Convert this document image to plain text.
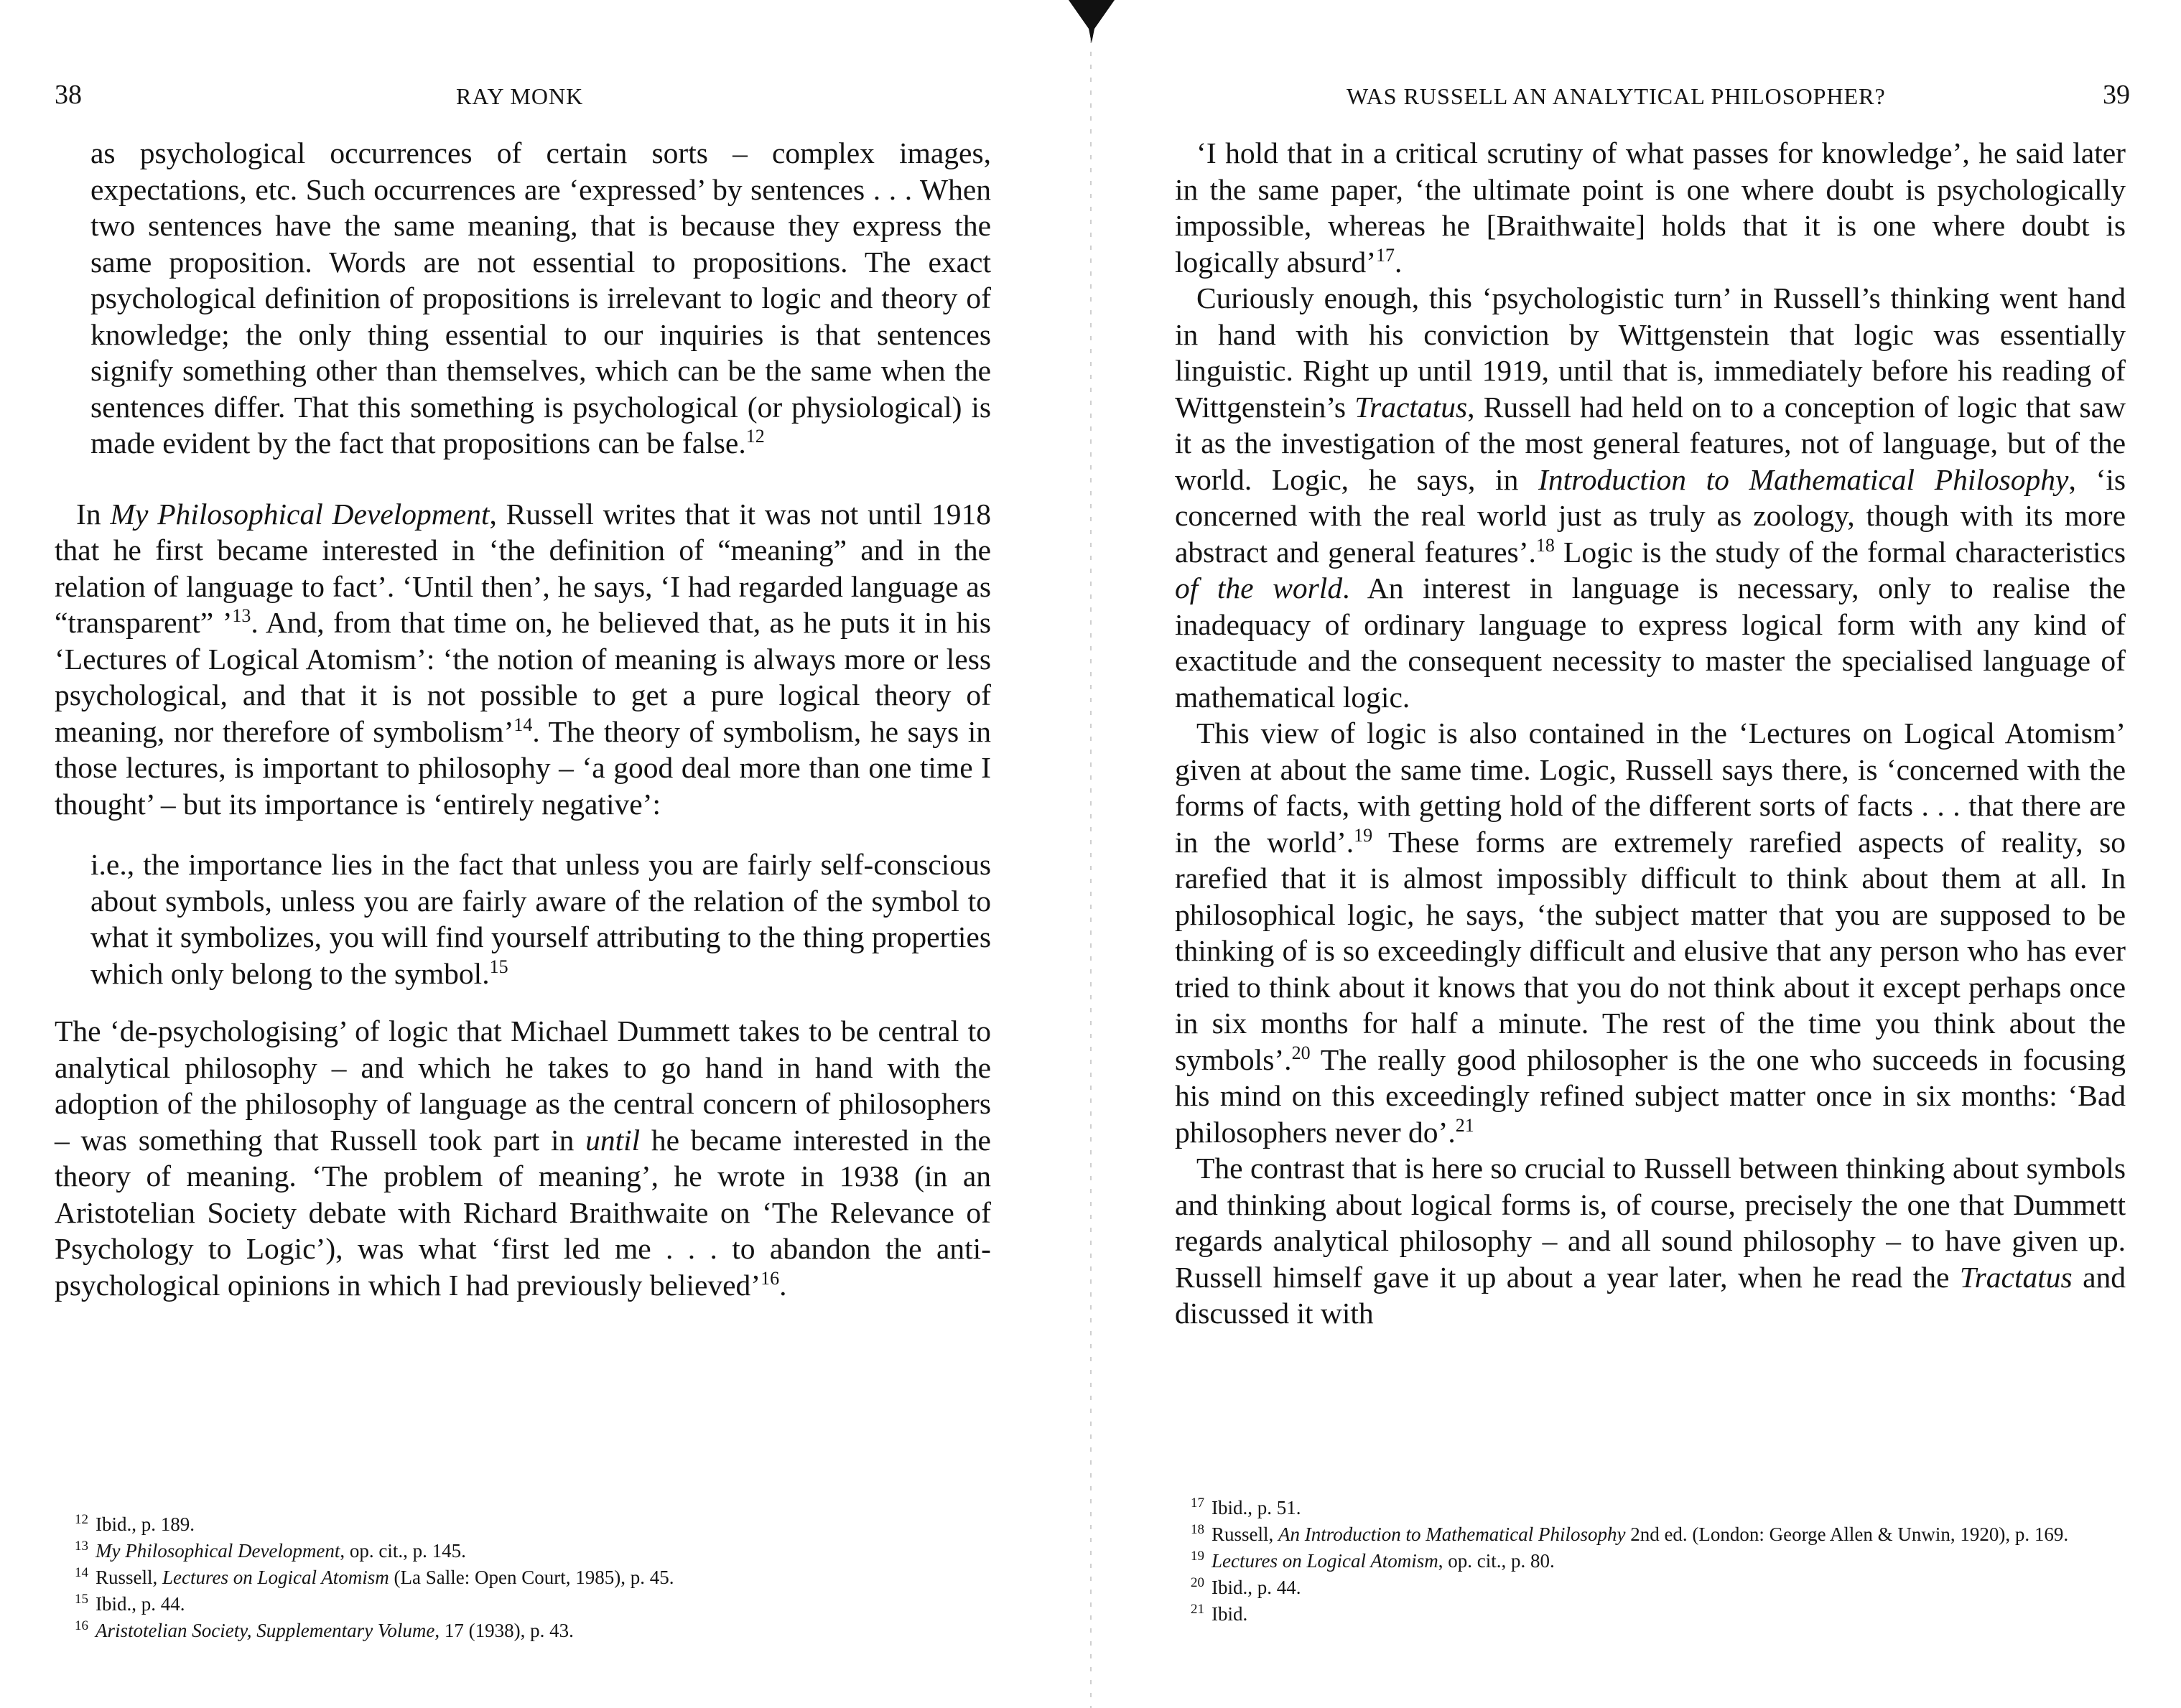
38	RAY MONK

as psychological occurrences of certain sorts – complex images, expectations, etc. Such occurrences are ‘expressed’ by sentences . . . When two sentences have the same meaning, that is because they express the same proposition. Words are not essential to propositions. The exact psychological definition of propositions is irrelevant to logic and theory of knowledge; the only thing essential to our inquiries is that sentences signify something other than themselves, which can be the same when the sentences differ. That this something is psychological (or physiological) is made evident by the fact that propositions can be false.$^{12}$

In My Philosophical Development, Russell writes that it was not until 1918 that he first became interested in ‘the definition of “meaning” and in the relation of language to fact’. ‘Until then’, he says, ‘I had regarded language as “transparent” ’$^{13}$. And, from that time on, he believed that, as he puts it in his ‘Lectures of Logical Atomism’: ‘the notion of meaning is always more or less psychological, and that it is not possible to get a pure logical theory of meaning, nor therefore of symbolism’$^{14}$. The theory of symbolism, he says in those lectures, is important to philosophy – ‘a good deal more than one time I thought’ – but its importance is ‘entirely negative’:

i.e., the importance lies in the fact that unless you are fairly self-conscious about symbols, unless you are fairly aware of the relation of the symbol to what it symbolizes, you will find yourself attributing to the thing properties which only belong to the symbol.$^{15}$

The ‘de-psychologising’ of logic that Michael Dummett takes to be central to analytical philosophy – and which he takes to go hand in hand with the adoption of the philosophy of language as the central concern of philosophers – was something that Russell took part in until he became interested in the theory of meaning. ‘The problem of meaning’, he wrote in 1938 (in an Aristotelian Society debate with Richard Braithwaite on ‘The Relevance of Psychology to Logic’), was what ‘first led me . . . to abandon the anti-psychological opinions in which I had previously believed’$^{16}$.

$^{12}$ Ibid., p. 189.

$^{13}$ My Philosophical Development, op. cit., p. 145.

$^{14}$ Russell, Lectures on Logical Atomism (La Salle: Open Court, 1985), p. 45.

$^{15}$ Ibid., p. 44.

$^{16}$ Aristotelian Society, Supplementary Volume, 17 (1938), p. 43.

WAS RUSSELL AN ANALYTICAL PHILOSOPHER?	39

‘I hold that in a critical scrutiny of what passes for knowledge’, he said later in the same paper, ‘the ultimate point is one where doubt is psychologically impossible, whereas he [Braithwaite] holds that it is one where doubt is logically absurd’$^{17}$.

Curiously enough, this ‘psychologistic turn’ in Russell’s thinking went hand in hand with his conviction by Wittgenstein that logic was essentially linguistic. Right up until 1919, until that is, immediately before his reading of Wittgenstein’s Tractatus, Russell had held on to a conception of logic that saw it as the investigation of the most general features, not of language, but of the world. Logic, he says, in Introduction to Mathematical Philosophy, ‘is concerned with the real world just as truly as zoology, though with its more abstract and general features’.$^{18}$ Logic is the study of the formal characteristics of the world. An interest in language is necessary, only to realise the inadequacy of ordinary language to express logical form with any kind of exactitude and the consequent necessity to master the specialised language of mathematical logic.

This view of logic is also contained in the ‘Lectures on Logical Atomism’ given at about the same time. Logic, Russell says there, is ‘concerned with the forms of facts, with getting hold of the different sorts of facts . . . that there are in the world’.$^{19}$ These forms are extremely rarefied aspects of reality, so rarefied that it is almost impossibly difficult to think about them at all. In philosophical logic, he says, ‘the subject matter that you are supposed to be thinking of is so exceedingly difficult and elusive that any person who has ever tried to think about it knows that you do not think about it except perhaps once in six months for half a minute. The rest of the time you think about the symbols’.$^{20}$ The really good philosopher is the one who succeeds in focusing his mind on this exceedingly refined subject matter once in six months: ‘Bad philosophers never do’.$^{21}$

The contrast that is here so crucial to Russell between thinking about symbols and thinking about logical forms is, of course, precisely the one that Dummett regards analytical philosophy – and all sound philosophy – to have given up. Russell himself gave it up about a year later, when he read the Tractatus and discussed it with

$^{17}$ Ibid., p. 51.

$^{18}$ Russell, An Introduction to Mathematical Philosophy 2nd ed. (London: George Allen & Unwin, 1920), p. 169.

$^{19}$ Lectures on Logical Atomism, op. cit., p. 80.

$^{20}$ Ibid., p. 44.

$^{21}$ Ibid.
